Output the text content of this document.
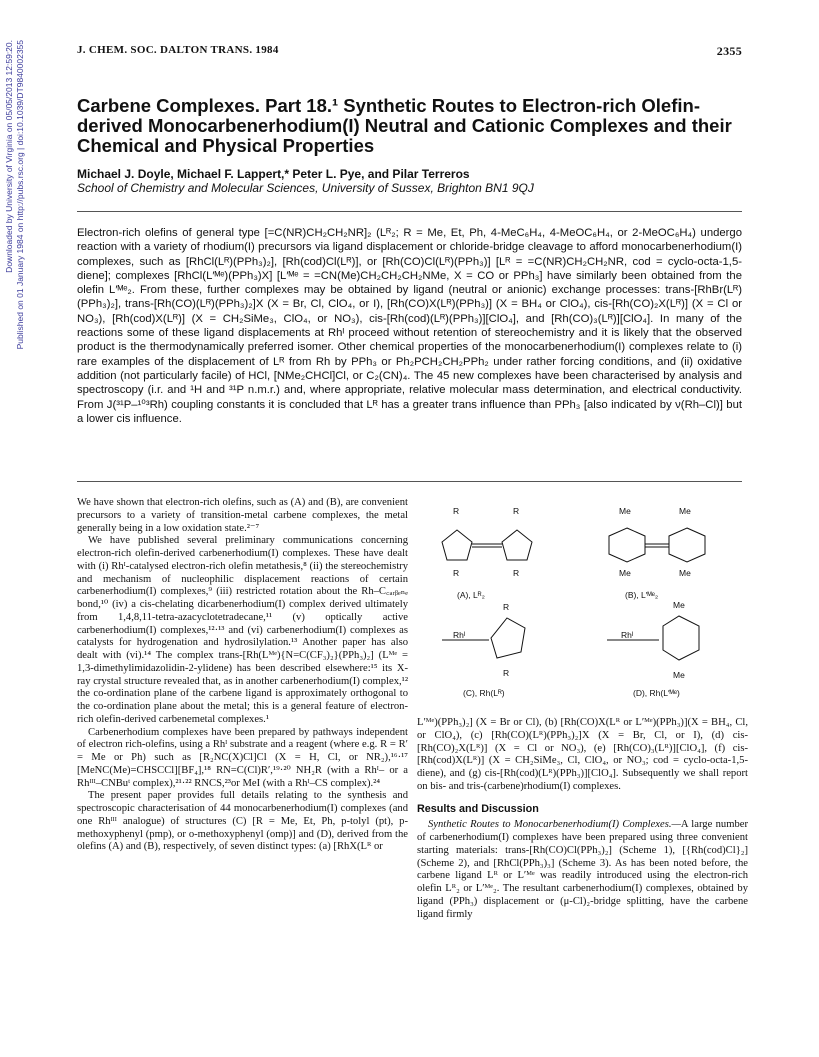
J. CHEM. SOC. DALTON TRANS. 1984	2355
Downloaded by University of Virginia on 05/05/2013 12:59:20. Published on 01 January 1984 on http://pubs.rsc.org | doi:10.1039/DT9840002355	Carbene Complexes. Part 18.¹ Synthetic Routes to Electron-rich Olefin-derived Monocarbenerhodium(I) Neutral and Cationic Complexes and their Chemical and Physical Properties
Michael J. Doyle, Michael F. Lappert,* Peter L. Pye, and Pilar Terreros
School of Chemistry and Molecular Sciences, University of Sussex, Brighton BN1 9QJ
Electron-rich olefins of general type [=C(NR)CH₂CH₂NR]₂ (Lᴿ₂; R = Me, Et, Ph, 4-MeC₆H₄, 4-MeOC₆H₄, or 2-MeOC₆H₄) undergo reaction with a variety of rhodium(I) precursors via ligand displacement or chloride-bridge cleavage to afford monocarbenerhodium(I) complexes, such as [RhCl(Lᴿ)(PPh₃)₂], [Rh(cod)Cl(Lᴿ)], or [Rh(CO)Cl(Lᴿ)(PPh₃)] [Lᴿ = =C(NR)CH₂CH₂NR, cod = cyclo-octa-1,5-diene]; complexes [RhCl(L′ᴹᵉ)(PPh₃)X] [L′ᴹᵉ = =CN(Me)CH₂CH₂CH₂NMe, X = CO or PPh₃] have similarly been obtained from the olefin L′ᴹᵉ₂. From these, further complexes may be obtained by ligand (neutral or anionic) exchange processes: trans-[RhBr(Lᴿ)(PPh₃)₂], trans-[Rh(CO)(Lᴿ)(PPh₃)₂]X (X = Br, Cl, ClO₄, or I), [Rh(CO)X(Lᴿ)(PPh₃)] (X = BH₄ or ClO₄), cis-[Rh(CO)₂X(Lᴿ)] (X = Cl or NO₃), [Rh(cod)X(Lᴿ)] (X = CH₂SiMe₃, ClO₄, or NO₃), cis-[Rh(cod)(Lᴿ)(PPh₃)][ClO₄], and [Rh(CO)₃(Lᴿ)][ClO₄]. In many of the reactions some of these ligand displacements at Rhᴵ proceed without retention of stereochemistry and it is likely that the observed product is the thermodynamically preferred isomer. Other chemical properties of the monocarbenerhodium(I) complexes relate to (i) rare examples of the displacement of Lᴿ from Rh by PPh₃ or Ph₂PCH₂CH₂PPh₂ under rather forcing conditions, and (ii) oxidative addition (not particularly facile) of HCl, [NMe₂CHCl]Cl, or C₂(CN)₄. The 45 new complexes have been characterised by analysis and spectroscopy (i.r. and ¹H and ³¹P n.m.r.) and, where appropriate, relative molecular mass determination, and electrical conductivity. From J(³¹P–¹⁰³Rh) coupling constants it is concluded that Lᴿ has a greater trans influence than PPh₃ [also indicated by ν(Rh–Cl)] but a lower cis influence.

We have shown that electron-rich olefins, such as (A) and (B), are convenient precursors to a variety of transition-metal carbene complexes, the metal generally being in a low oxidation state.²⁻⁷

We have published several preliminary communications concerning electron-rich olefin-derived carbenerhodium(I) complexes. These have dealt with (i) Rhᴵ-catalysed electron-rich olefin metathesis,⁸ (ii) the stereochemistry and mechanism of nucleophilic displacement reactions of certain carbenerhodium(I) complexes,⁹ (iii) restricted rotation about the Rh–C꜀ₐᵣᵦₑₙₑ bond,¹⁰ (iv) a cis-chelating dicarbenerhodium(I) complex derived ultimately from 1,4,8,11-tetra-azacyclotetradecane,¹¹ (v) optically active carbenerhodium(I) complexes,¹²·¹³ and (vi) carbenerhodium(I) complexes as catalysts for hydrogenation and hydrosilylation.¹³ Another paper has also dealt with (vi).¹⁴ The complex trans-[Rh(Lᴹᵉ){N=C(CF₃)₂}(PPh₃)₂] (Lᴹᵉ = 1,3-dimethylimidazolidin-2-ylidene) has been described elsewhere:¹⁵ its X-ray crystal structure revealed that, as in another carbenerhodium(I) complex,¹² the co-ordination plane of the carbene ligand is approximately orthogonal to the co-ordination plane about the metal; this is a general feature of electron-rich olefin-derived carbenemetal complexes.¹

Carbenerhodium complexes have been prepared by pathways independent of electron rich-olefins, using a Rhᴵ substrate and a reagent (where e.g. R = R′ = Me or Ph) such as [R₂NC(X)Cl]Cl (X = H, Cl, or NR₂),¹⁶·¹⁷ [MeNC(Me)=CHSCCl][BF₄],¹⁸ RN=C(Cl)R′,¹⁹·²⁰ NH₂R (with a Rhᴵ– or a Rhᴵᴵᴵ–CNBuᵗ complex),²¹·²² RNCS,²³or MeI (with a Rhᴵ–CS complex).²⁴

The present paper provides full details relating to the synthesis and spectroscopic characterisation of 44 monocarbenerhodium(I) complexes (and one Rhᴵᴵᴵ analogue) of structures (C) [R = Me, Et, Ph, p-tolyl (pt), p-methoxyphenyl (pmp), or o-methoxyphenyl (omp)] and (D), derived from the olefins (A) and (B), respectively, of seven distinct types: (a) [RhX(Lᴿ or

R	R
R	R
Me	Me
Me	Me
(A), Lᴿ₂	(B), L′ᴹᵉ₂
R
R
Rhᴵ
Me
Me
Rhᴵ
(C), Rh(Lᴿ)	(D), Rh(L′ᴹᵉ)

L′ᴹᵉ)(PPh₃)₂] (X = Br or Cl), (b) [Rh(CO)X(Lᴿ or L′ᴹᵉ)(PPh₃)](X = BH₄, Cl, or ClO₄), (c) [Rh(CO)(Lᴿ)(PPh₃)₂]X (X = Br, Cl, or I), (d) cis-[Rh(CO)₂X(Lᴿ)] (X = Cl or NO₃), (e) [Rh(CO)₃(Lᴿ)][ClO₄], (f) cis-[Rh(cod)X(Lᴿ)] (X = CH₂SiMe₃, Cl, ClO₄, or NO₃; cod = cyclo-octa-1,5-diene), and (g) cis-[Rh(cod)(Lᴿ)(PPh₃)][ClO₄]. Subsequently we shall report on bis- and tris-(carbene)rhodium(I) complexes.

Results and Discussion

Synthetic Routes to Monocarbenerhodium(I) Complexes.—A large number of carbenerhodium(I) complexes have been prepared using three convenient starting materials: trans-[Rh(CO)Cl(PPh₃)₂] (Scheme 1), [{Rh(cod)Cl}₂] (Scheme 2), and [RhCl(PPh₃)₃] (Scheme 3). As has been noted before, the carbene ligand Lᴿ or L′ᴹᵉ was readily introduced using the electron-rich olefin Lᴿ₂ or L′ᴹᵉ₂. The resultant carbenerhodium(I) complexes, obtained by ligand (PPh₃) displacement or (μ-Cl)₂-bridge splitting, have the carbene ligand firmly
